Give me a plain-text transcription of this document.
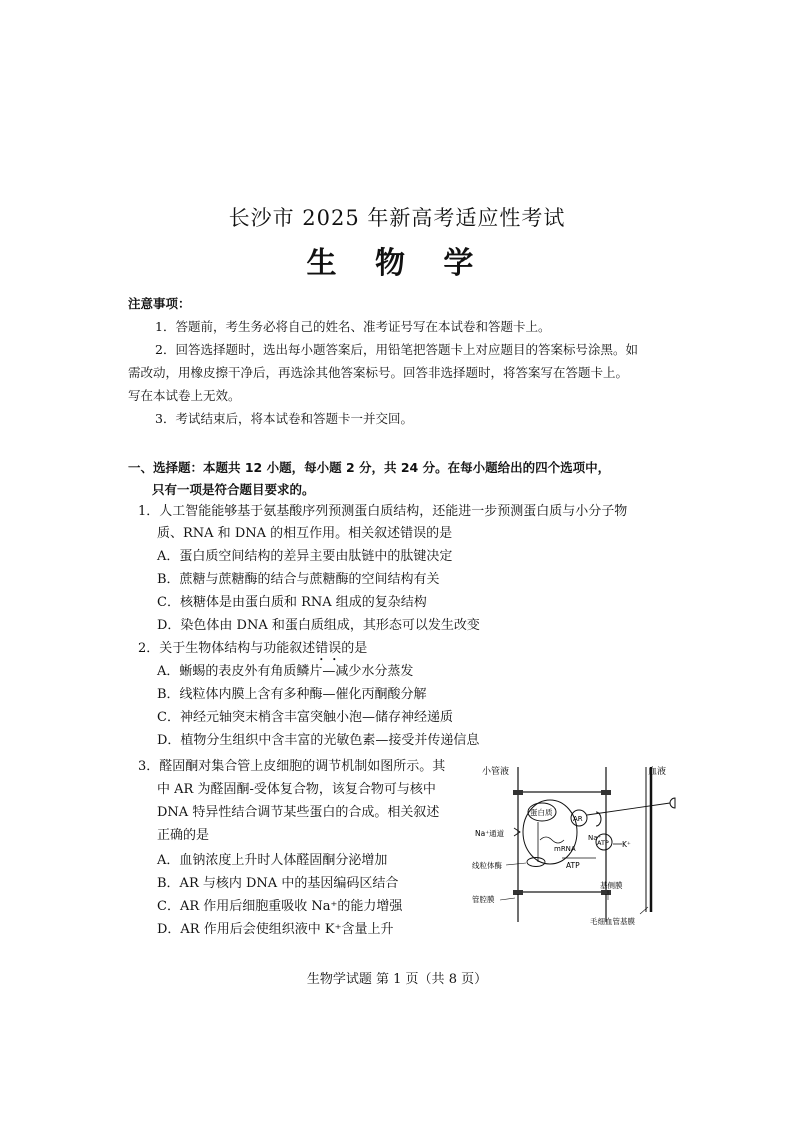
长沙市 2025 年新高考适应性考试
生 物 学
注意事项：
1．答题前，考生务必将自己的姓名、准考证号写在本试卷和答题卡上。
2．回答选择题时，选出每小题答案后，用铅笔把答题卡上对应题目的答案标号涂黑。如
需改动，用橡皮擦干净后，再选涂其他答案标号。回答非选择题时，将答案写在答题卡上。
写在本试卷上无效。
3．考试结束后，将本试卷和答题卡一并交回。
一、选择题：本题共 12 小题，每小题 2 分，共 24 分。在每小题给出的四个选项中，
只有一项是符合题目要求的。
1．人工智能能够基于氨基酸序列预测蛋白质结构，还能进一步预测蛋白质与小分子物
质、RNA 和 DNA 的相互作用。相关叙述错误的是
A．蛋白质空间结构的差异主要由肽链中的肽键决定
B．蔗糖与蔗糖酶的结合与蔗糖酶的空间结构有关
C．核糖体是由蛋白质和 RNA 组成的复杂结构
D．染色体由 DNA 和蛋白质组成，其形态可以发生改变
2．关于生物体结构与功能叙述错误的是
A．蜥蜴的表皮外有角质鳞片—减少水分蒸发
B．线粒体内膜上含有多种酶—催化丙酮酸分解
C．神经元轴突末梢含丰富突触小泡—储存神经递质
D．植物分生组织中含丰富的光敏色素—接受并传递信息
3．醛固酮对集合管上皮细胞的调节机制如图所示。其
中 AR 为醛固酮-受体复合物，该复合物可与核中
DNA 特异性结合调节某些蛋白的合成。相关叙述
正确的是
A．血钠浓度上升时人体醛固酮分泌增加
B．AR 与核内 DNA 中的基因编码区结合
C．AR 作用后细胞重吸收 Na⁺的能力增强
D．AR 作用后会使组织液中 K⁺含量上升
小管液	血液
蛋白质
mRNA
AR
Na⁺
ATP K⁺
Na⁺通道
线粒体酶	ATP
基侧膜
管腔膜
毛细血管基膜
生物学试题 第 1 页（共 8 页）
